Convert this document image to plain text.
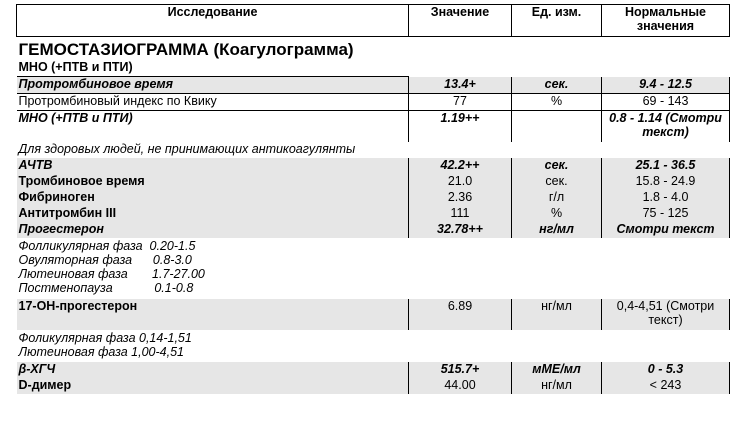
Исследование	Значение	Ед. изм.	Нормальные
значения
ГЕМОСТАЗИОГРАММА (Коагулограмма)			
МНО (+ПТВ и ПТИ)			
Протромбиновое время	13.4+	сек.	9.4 - 12.5
Протромбиновый индекс по Квику	77	%	69 - 143
МНО (+ПТВ и ПТИ)	1.19++		0.8 - 1.14 (Смотри
текст)
Для здоровых людей, не принимающих антикоагулянты			
АЧТВ	42.2++	сек.	25.1 - 36.5
Тромбиновое время	21.0	сек.	15.8 - 24.9
Фибриноген	2.36	г/л	1.8 - 4.0
Антитромбин III	111	%	75 - 125
Прогестерон	32.78++	нг/мл	Смотри текст

Фолликулярная фаза 0.20-1.5
Овуляторная фаза 0.8-3.0
Лютеиновая фаза 1.7-27.00
Постменопауза 0.1-0.8			

17-ОН-прогестерон	6.89	нг/мл	0,4-4,51 (Смотри
текст)

Фоликулярная фаза 0,14-1,51
Лютеиновая фаза 1,00-4,51			

β-ХГЧ	515.7+	мМЕ/мл	0 - 5.3
D-димер	44.00	нг/мл	< 243
